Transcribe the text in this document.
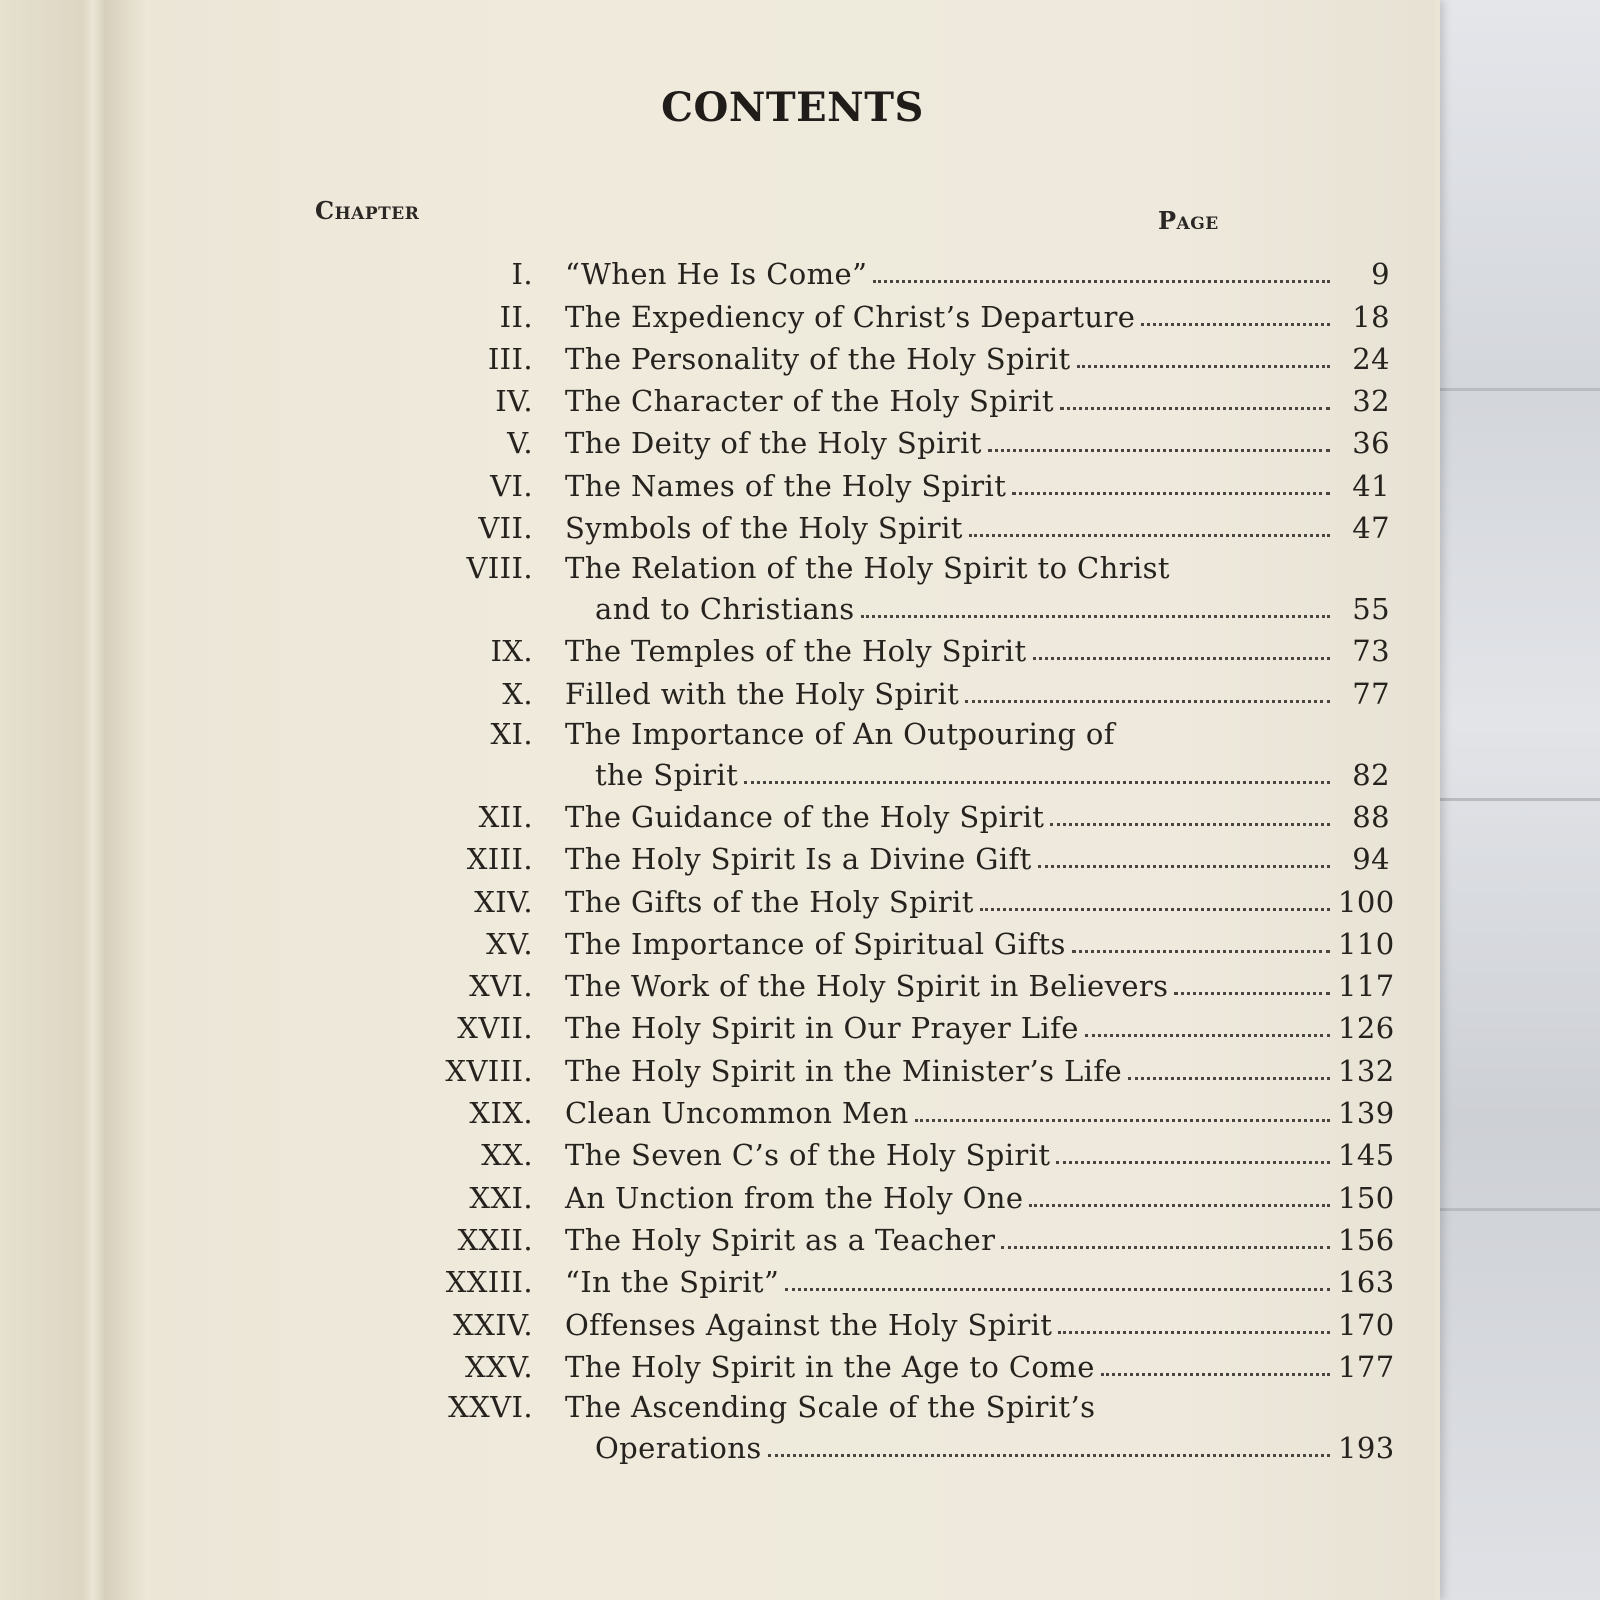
CONTENTS
Chapter	Page
I.	“When He Is Come”	9
II.	The Expediency of Christ’s Departure	18
III.	The Personality of the Holy Spirit	24
IV.	The Character of the Holy Spirit	32
V.	The Deity of the Holy Spirit	36
VI.	The Names of the Holy Spirit	41
VII.	Symbols of the Holy Spirit	47
VIII.	The Relation of the Holy Spirit to Christ
and to Christians	55
IX.	The Temples of the Holy Spirit	73
X.	Filled with the Holy Spirit	77
XI.	The Importance of An Outpouring of
the Spirit	82
XII.	The Guidance of the Holy Spirit	88
XIII.	The Holy Spirit Is a Divine Gift	94
XIV.	The Gifts of the Holy Spirit	100
XV.	The Importance of Spiritual Gifts	110
XVI.	The Work of the Holy Spirit in Believers	117
XVII.	The Holy Spirit in Our Prayer Life	126
XVIII.	The Holy Spirit in the Minister’s Life	132
XIX.	Clean Uncommon Men	139
XX.	The Seven C’s of the Holy Spirit	145
XXI.	An Unction from the Holy One	150
XXII.	The Holy Spirit as a Teacher	156
XXIII.	“In the Spirit”	163
XXIV.	Offenses Against the Holy Spirit	170
XXV.	The Holy Spirit in the Age to Come	177
XXVI.	The Ascending Scale of the Spirit’s
Operations	193
